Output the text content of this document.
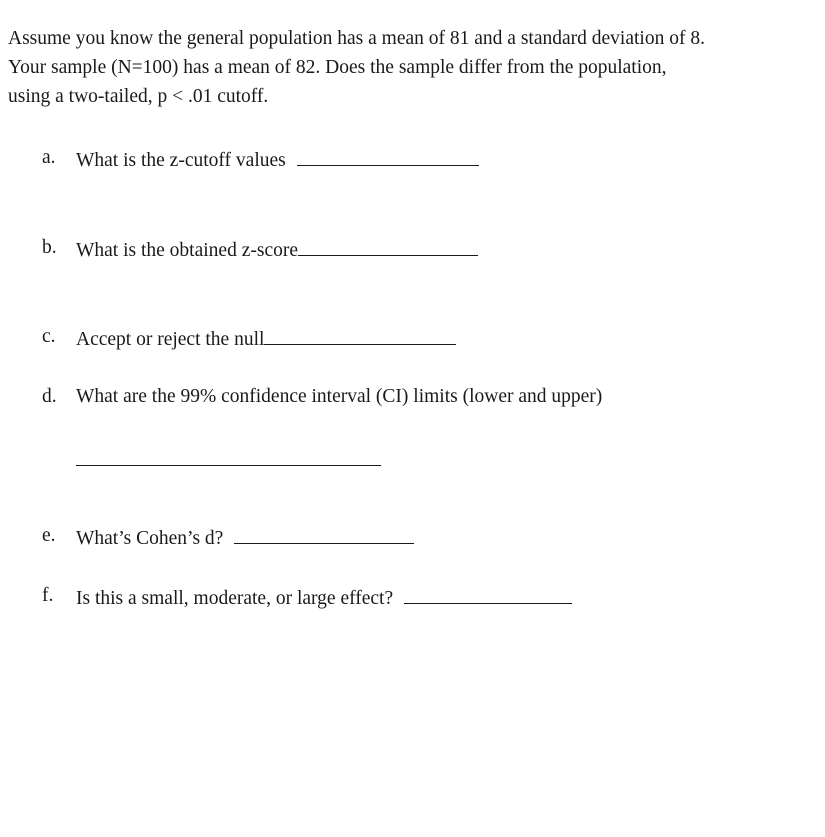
Assume you know the general population has a mean of 81 and a standard deviation of 8.
Your sample (N=100) has a mean of 82. Does the sample differ from the population,
using a two-tailed, p < .01 cutoff.
a. What is the z-cutoff values
b. What is the obtained z-score
c. Accept or reject the null
d. What are the 99% confidence interval (CI) limits (lower and upper)
e. What’s Cohen’s d?
f. Is this a small, moderate, or large effect?
